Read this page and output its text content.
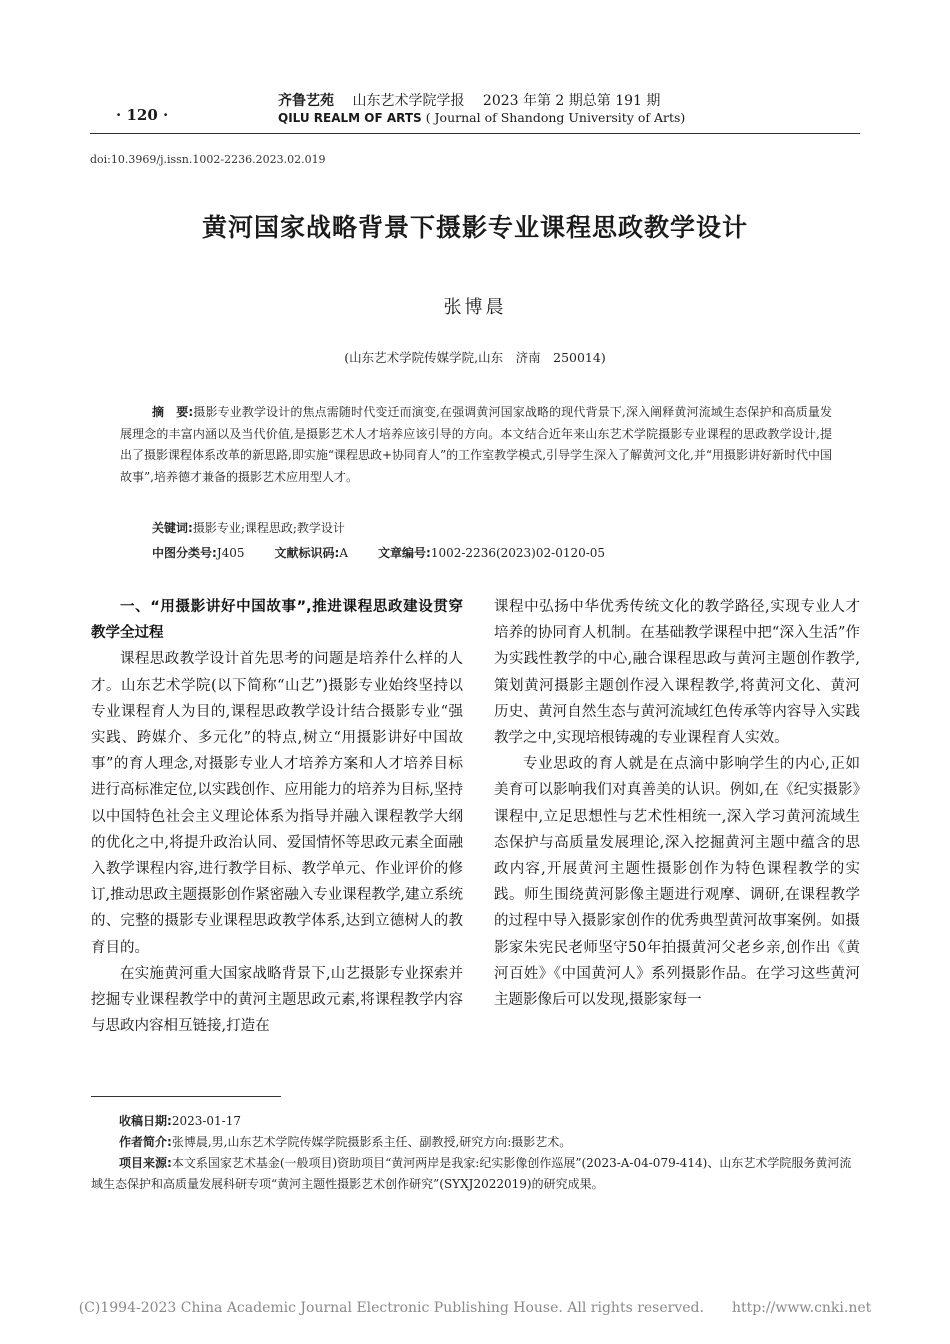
· 120 ·
齐鲁艺苑 山东艺术学院学报 2023 年第 2 期总第 191 期
QILU REALM OF ARTS ( Journal of Shandong University of Arts)
doi:10.3969/j.issn.1002-2236.2023.02.019
黄河国家战略背景下摄影专业课程思政教学设计
张博晨
(山东艺术学院传媒学院,山东　济南　250014)
摘　要:摄影专业教学设计的焦点需随时代变迁而演变,在强调黄河国家战略的现代背景下,深入阐释黄河流域生态保护和高质量发展理念的丰富内涵以及当代价值,是摄影艺术人才培养应该引导的方向。本文结合近年来山东艺术学院摄影专业课程的思政教学设计,提出了摄影课程体系改革的新思路,即实施“课程思政+协同育人”的工作室教学模式,引导学生深入了解黄河文化,并“用摄影讲好新时代中国故事”,培养德才兼备的摄影艺术应用型人才。
关键词:摄影专业;课程思政;教学设计
中图分类号:J405	文献标识码:A	文章编号:1002-2236(2023)02-0120-05
一、“用摄影讲好中国故事”,推进课程思政建设贯穿教学全过程

课程思政教学设计首先思考的问题是培养什么样的人才。山东艺术学院(以下简称“山艺”)摄影专业始终坚持以专业课程育人为目的,课程思政教学设计结合摄影专业“强实践、跨媒介、多元化”的特点,树立“用摄影讲好中国故事”的育人理念,对摄影专业人才培养方案和人才培养目标进行高标准定位,以实践创作、应用能力的培养为目标,坚持以中国特色社会主义理论体系为指导并融入课程教学大纲的优化之中,将提升政治认同、爱国情怀等思政元素全面融入教学课程内容,进行教学目标、教学单元、作业评价的修订,推动思政主题摄影创作紧密融入专业课程教学,建立系统的、完整的摄影专业课程思政教学体系,达到立德树人的教育目的。

在实施黄河重大国家战略背景下,山艺摄影专业探索并挖掘专业课程教学中的黄河主题思政元素,将课程教学内容与思政内容相互链接,打造在

课程中弘扬中华优秀传统文化的教学路径,实现专业人才培养的协同育人机制。在基础教学课程中把“深入生活”作为实践性教学的中心,融合课程思政与黄河主题创作教学,策划黄河摄影主题创作浸入课程教学,将黄河文化、黄河历史、黄河自然生态与黄河流域红色传承等内容导入实践教学之中,实现培根铸魂的专业课程育人实效。

专业思政的育人就是在点滴中影响学生的内心,正如美育可以影响我们对真善美的认识。例如,在《纪实摄影》课程中,立足思想性与艺术性相统一,深入学习黄河流域生态保护与高质量发展理论,深入挖掘黄河主题中蕴含的思政内容,开展黄河主题性摄影创作为特色课程教学的实践。师生围绕黄河影像主题进行观摩、调研,在课程教学的过程中导入摄影家创作的优秀典型黄河故事案例。如摄影家朱宪民老师坚守50年拍摄黄河父老乡亲,创作出《黄河百姓》《中国黄河人》系列摄影作品。在学习这些黄河主题影像后可以发现,摄影家每一

收稿日期:2023-01-17
作者简介:张博晨,男,山东艺术学院传媒学院摄影系主任、副教授,研究方向:摄影艺术。
项目来源:本文系国家艺术基金(一般项目)资助项目“黄河两岸是我家:纪实影像创作巡展”(2023-A-04-079-414)、山东艺术学院服务黄河流域生态保护和高质量发展科研专项“黄河主题性摄影艺术创作研究”(SYXJ2022019)的研究成果。
(C)1994-2023 China Academic Journal Electronic Publishing House. All rights reserved.　　http://www.cnki.net
